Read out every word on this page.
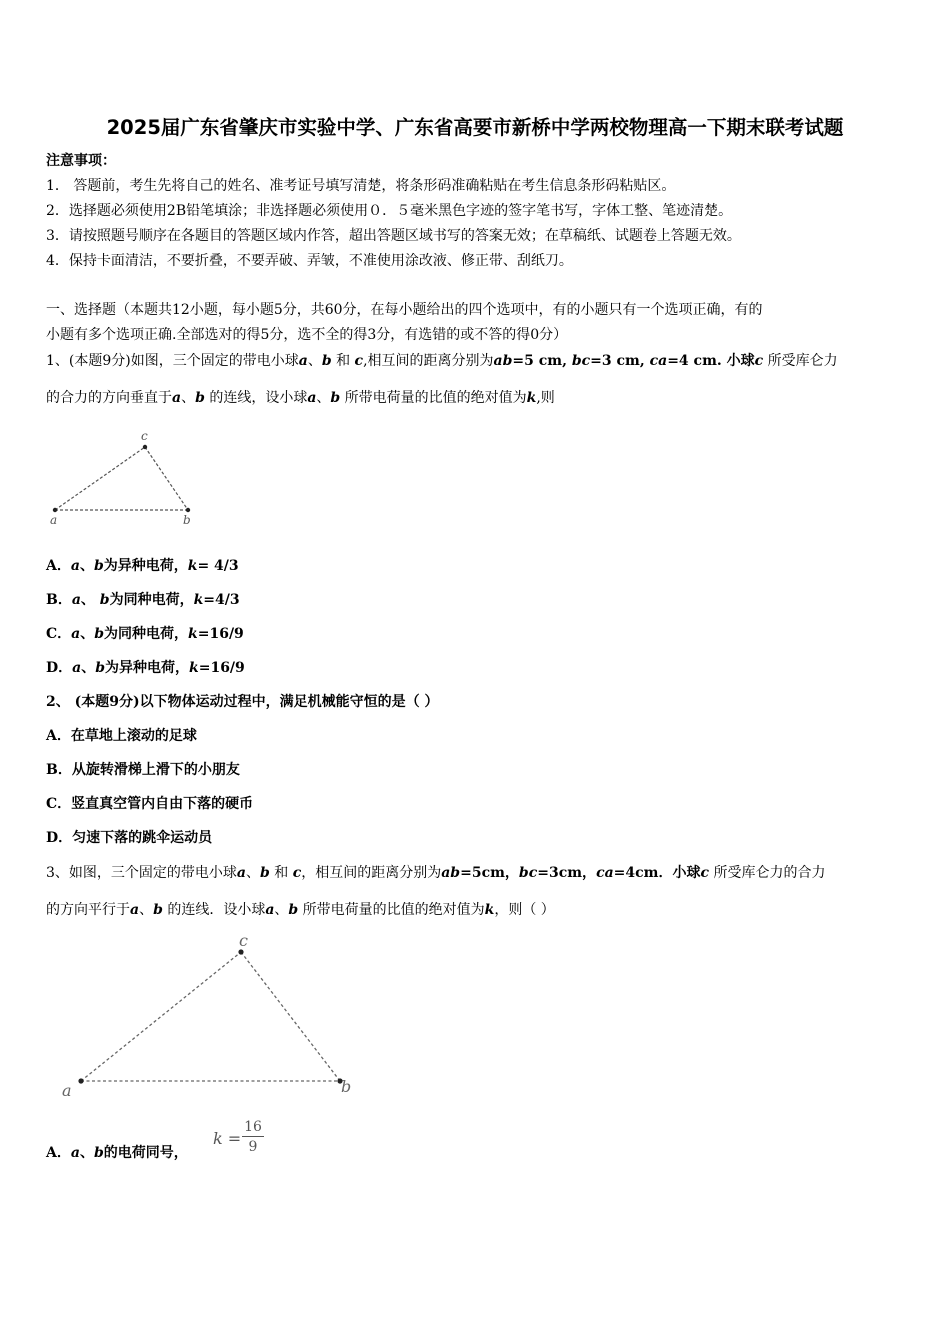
2025届广东省肇庆市实验中学、广东省高要市新桥中学两校物理高一下期末联考试题
注意事项：
1． 答题前，考生先将自己的姓名、准考证号填写清楚，将条形码准确粘贴在考生信息条形码粘贴区。
2．选择题必须使用2B铅笔填涂；非选择题必须使用０．５毫米黑色字迹的签字笔书写，字体工整、笔迹清楚。
3．请按照题号顺序在各题目的答题区域内作答，超出答题区域书写的答案无效；在草稿纸、试题卷上答题无效。
4．保持卡面清洁，不要折叠，不要弄破、弄皱，不准使用涂改液、修正带、刮纸刀。
一、选择题（本题共12小题，每小题5分，共60分，在每小题给出的四个选项中，有的小题只有一个选项正确，有的
小题有多个选项正确.全部选对的得5分，选不全的得3分，有选错的或不答的得0分）
1、(本题9分)如图，三个固定的带电小球a、b 和 c,相互间的距离分别为ab=5 cm, bc=3 cm, ca=4 cm. 小球c 所受库仑力
的合力的方向垂直于a、b 的连线，设小球a、b 所带电荷量的比值的绝对值为k,则
a
c
b
A．a、b为异种电荷，k= 4/3
B．a、 b为同种电荷，k=4/3
C．a、b为同种电荷，k=16/9
D．a、b为异种电荷，k=16/9
2、 (本题9分)以下物体运动过程中，满足机械能守恒的是（ ）
A．在草地上滚动的足球
B．从旋转滑梯上滑下的小朋友
C．竖直真空管内自由下落的硬币
D．匀速下落的跳伞运动员
3、如图，三个固定的带电小球a、b 和 c，相互间的距离分别为ab=5cm，bc=3cm，ca=4cm．小球c 所受库仑力的合力
的方向平行于a、b 的连线．设小球a、b 所带电荷量的比值的绝对值为k，则（ ）
a
c
b
A．a、b的电荷同号，
k =
16
9
